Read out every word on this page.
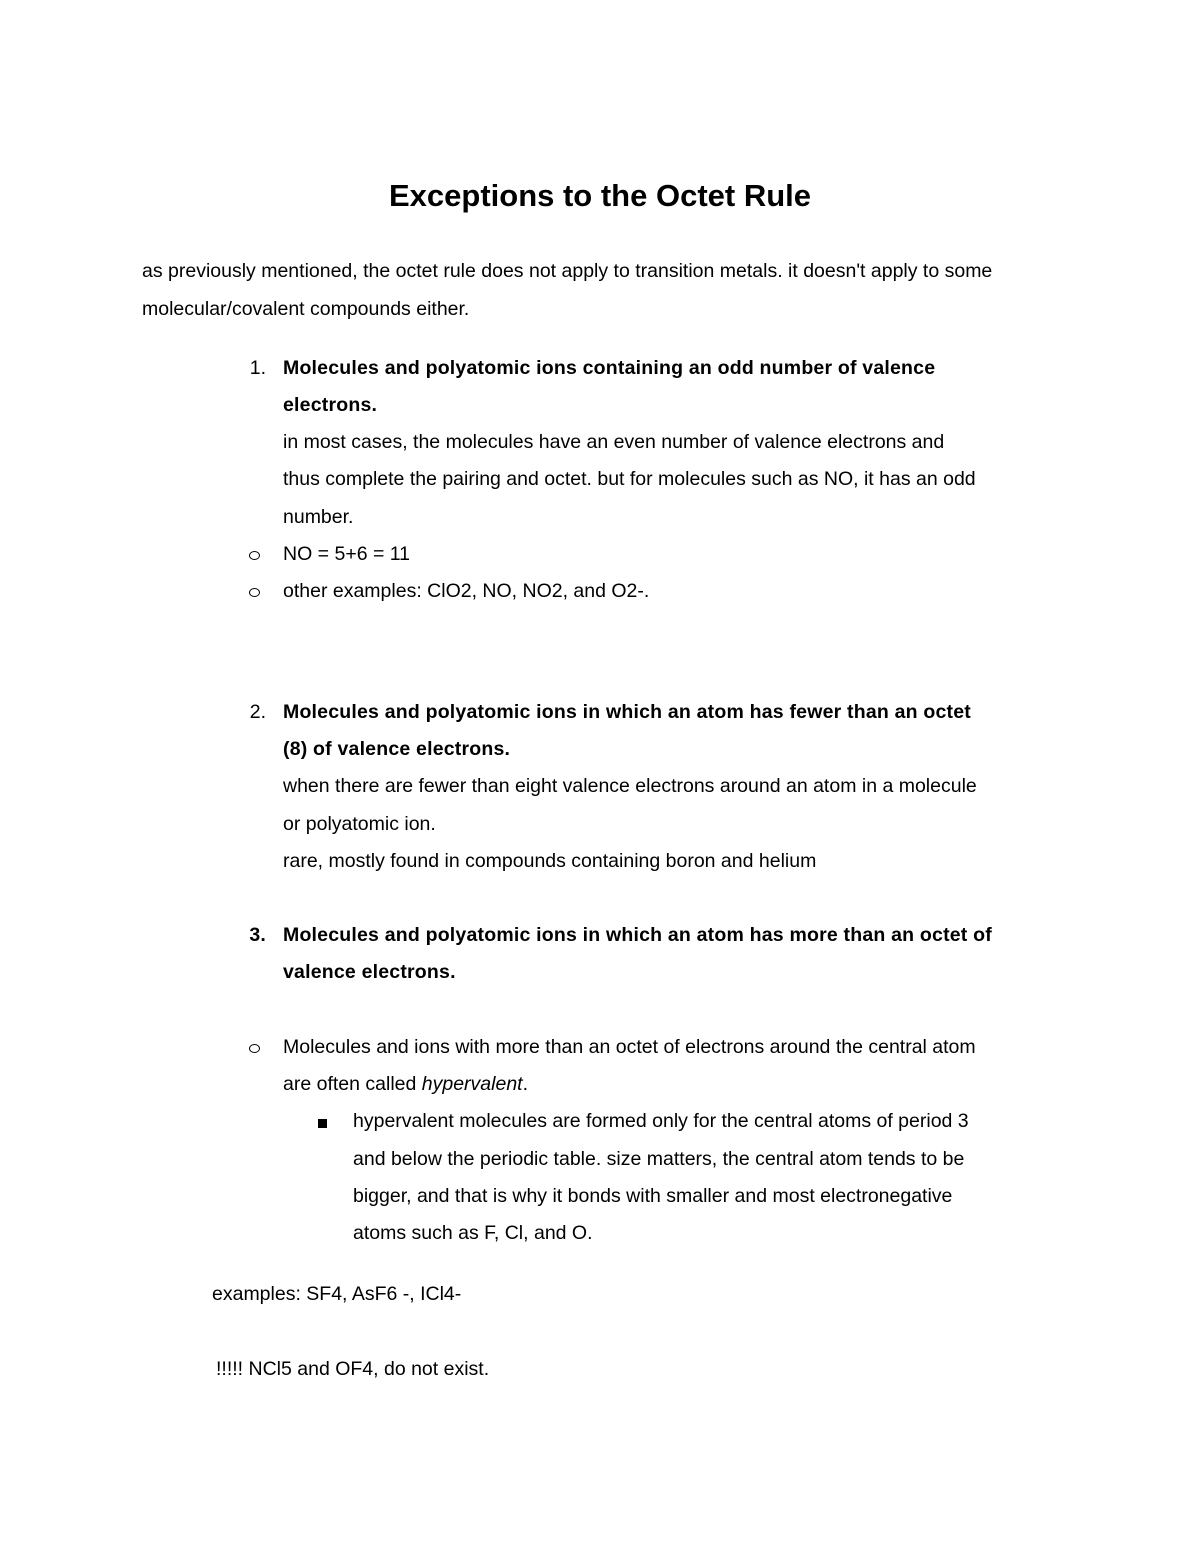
Exceptions to the Octet Rule
as previously mentioned, the octet rule does not apply to transition metals. it doesn't apply to some molecular/covalent compounds either.
1. Molecules and polyatomic ions containing an odd number of valence
electrons.
in most cases, the molecules have an even number of valence electrons and
thus complete the pairing and octet. but for molecules such as NO, it has an odd
number.
NO = 5+6 = 11
other examples: ClO2, NO, NO2, and O2-.
2. Molecules and polyatomic ions in which an atom has fewer than an octet
(8) of valence electrons.
when there are fewer than eight valence electrons around an atom in a molecule
or polyatomic ion.
rare, mostly found in compounds containing boron and helium
3. Molecules and polyatomic ions in which an atom has more than an octet of
valence electrons.
Molecules and ions with more than an octet of electrons around the central atom
are often called hypervalent.
hypervalent molecules are formed only for the central atoms of period 3
and below the periodic table. size matters, the central atom tends to be
bigger, and that is why it bonds with smaller and most electronegative
atoms such as F, Cl, and O.
examples: SF4, AsF6 -, ICl4-
!!!!! NCl5 and OF4, do not exist.
